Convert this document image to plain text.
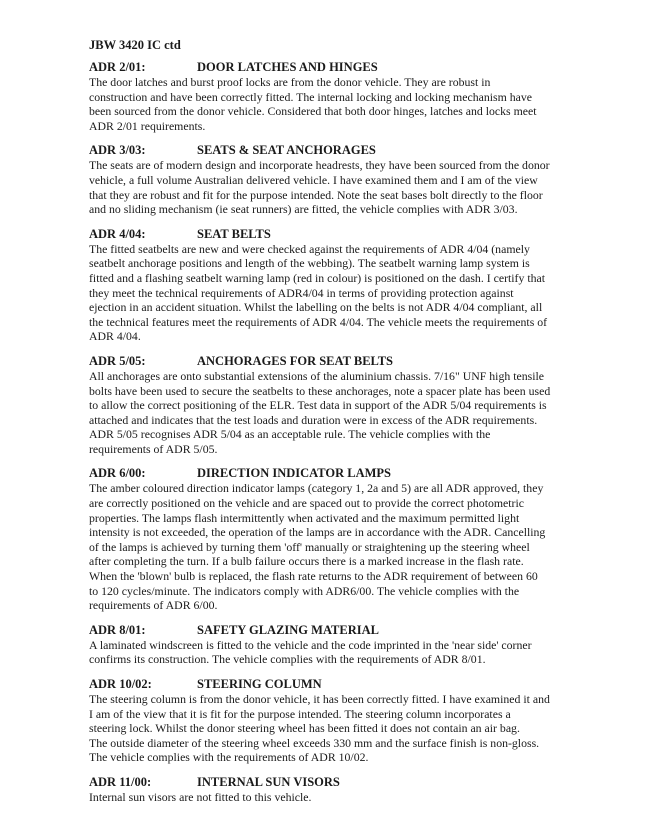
JBW 3420 IC ctd
ADR 2/01:	DOOR LATCHES AND HINGES
The door latches and burst proof locks are from the donor vehicle. They are robust in
construction and have been correctly fitted. The internal locking and locking mechanism have
been sourced from the donor vehicle. Considered that both door hinges, latches and locks meet
ADR 2/01 requirements.
ADR 3/03:	SEATS & SEAT ANCHORAGES
The seats are of modern design and incorporate headrests, they have been sourced from the donor
vehicle, a full volume Australian delivered vehicle. I have examined them and I am of the view
that they are robust and fit for the purpose intended. Note the seat bases bolt directly to the floor
and no sliding mechanism (ie seat runners) are fitted, the vehicle complies with ADR 3/03.
ADR 4/04:	SEAT BELTS
The fitted seatbelts are new and were checked against the requirements of ADR 4/04 (namely
seatbelt anchorage positions and length of the webbing). The seatbelt warning lamp system is
fitted and a flashing seatbelt warning lamp (red in colour) is positioned on the dash. I certify that
they meet the technical requirements of ADR4/04 in terms of providing protection against
ejection in an accident situation. Whilst the labelling on the belts is not ADR 4/04 compliant, all
the technical features meet the requirements of ADR 4/04. The vehicle meets the requirements of
ADR 4/04.
ADR 5/05:	ANCHORAGES FOR SEAT BELTS
All anchorages are onto substantial extensions of the aluminium chassis. 7/16" UNF high tensile
bolts have been used to secure the seatbelts to these anchorages, note a spacer plate has been used
to allow the correct positioning of the ELR. Test data in support of the ADR 5/04 requirements is
attached and indicates that the test loads and duration were in excess of the ADR requirements.
ADR 5/05 recognises ADR 5/04 as an acceptable rule. The vehicle complies with the
requirements of ADR 5/05.
ADR 6/00:	DIRECTION INDICATOR LAMPS
The amber coloured direction indicator lamps (category 1, 2a and 5) are all ADR approved, they
are correctly positioned on the vehicle and are spaced out to provide the correct photometric
properties. The lamps flash intermittently when activated and the maximum permitted light
intensity is not exceeded, the operation of the lamps are in accordance with the ADR. Cancelling
of the lamps is achieved by turning them 'off' manually or straightening up the steering wheel
after completing the turn. If a bulb failure occurs there is a marked increase in the flash rate.
When the 'blown' bulb is replaced, the flash rate returns to the ADR requirement of between 60
to 120 cycles/minute. The indicators comply with ADR6/00. The vehicle complies with the
requirements of ADR 6/00.
ADR 8/01:	SAFETY GLAZING MATERIAL
A laminated windscreen is fitted to the vehicle and the code imprinted in the 'near side' corner
confirms its construction. The vehicle complies with the requirements of ADR 8/01.
ADR 10/02:	STEERING COLUMN
The steering column is from the donor vehicle, it has been correctly fitted. I have examined it and
I am of the view that it is fit for the purpose intended. The steering column incorporates a
steering lock. Whilst the donor steering wheel has been fitted it does not contain an air bag.
The outside diameter of the steering wheel exceeds 330 mm and the surface finish is non-gloss.
The vehicle complies with the requirements of ADR 10/02.
ADR 11/00:	INTERNAL SUN VISORS
Internal sun visors are not fitted to this vehicle.
